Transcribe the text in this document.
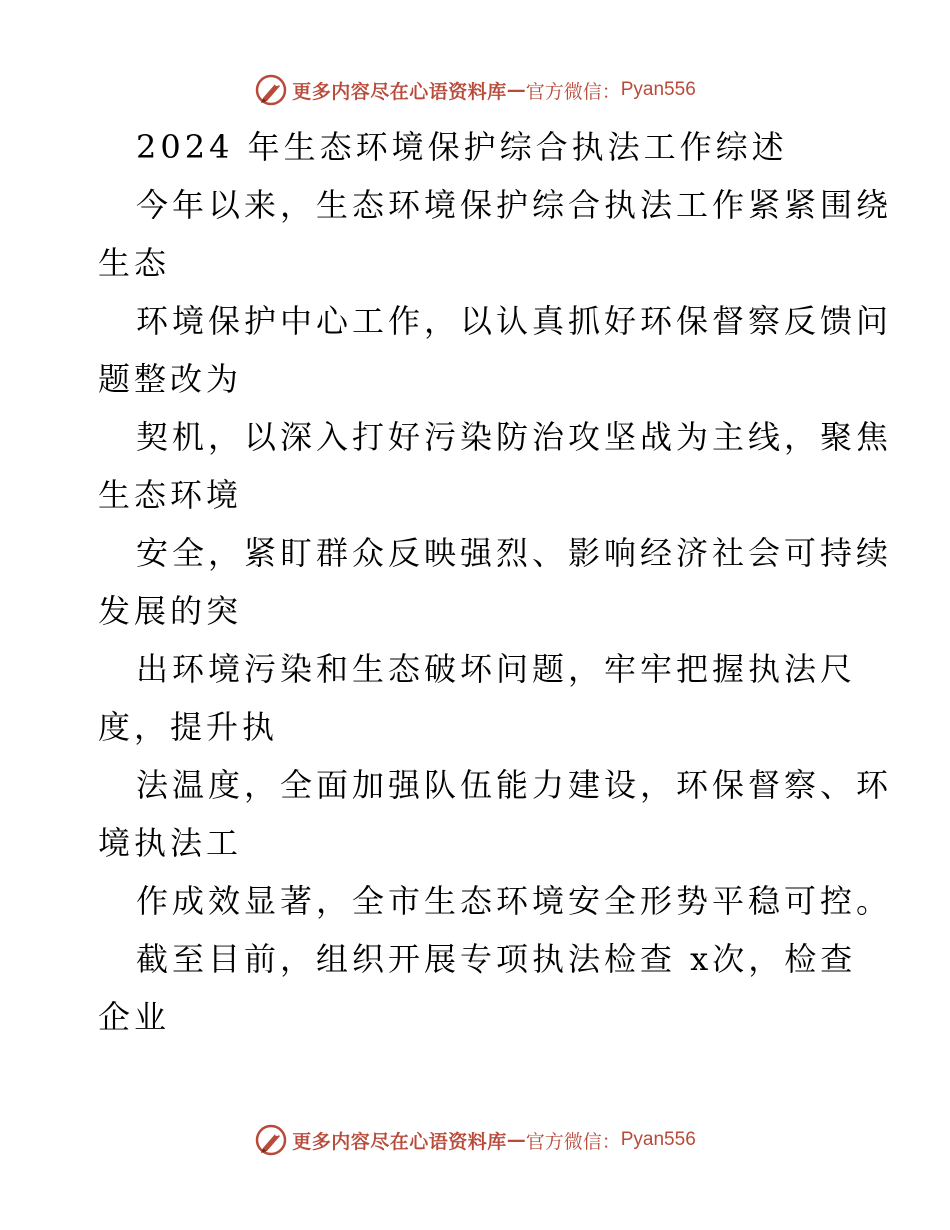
更多内容尽在心语资料库 — 官方微信： Pyan556

2024 年生态环境保护综合执法工作综述

今年以来，生态环境保护综合执法工作紧紧围绕

生态

环境保护中心工作，以认真抓好环保督察反馈问

题整改为

契机，以深入打好污染防治攻坚战为主线，聚焦

生态环境

安全，紧盯群众反映强烈、影响经济社会可持续

发展的突

出环境污染和生态破坏问题，牢牢把握执法尺

度，提升执

法温度，全面加强队伍能力建设，环保督察、环

境执法工

作成效显著，全市生态环境安全形势平稳可控。

截至目前，组织开展专项执法检查 x次，检查

企业

更多内容尽在心语资料库 — 官方微信： Pyan556
